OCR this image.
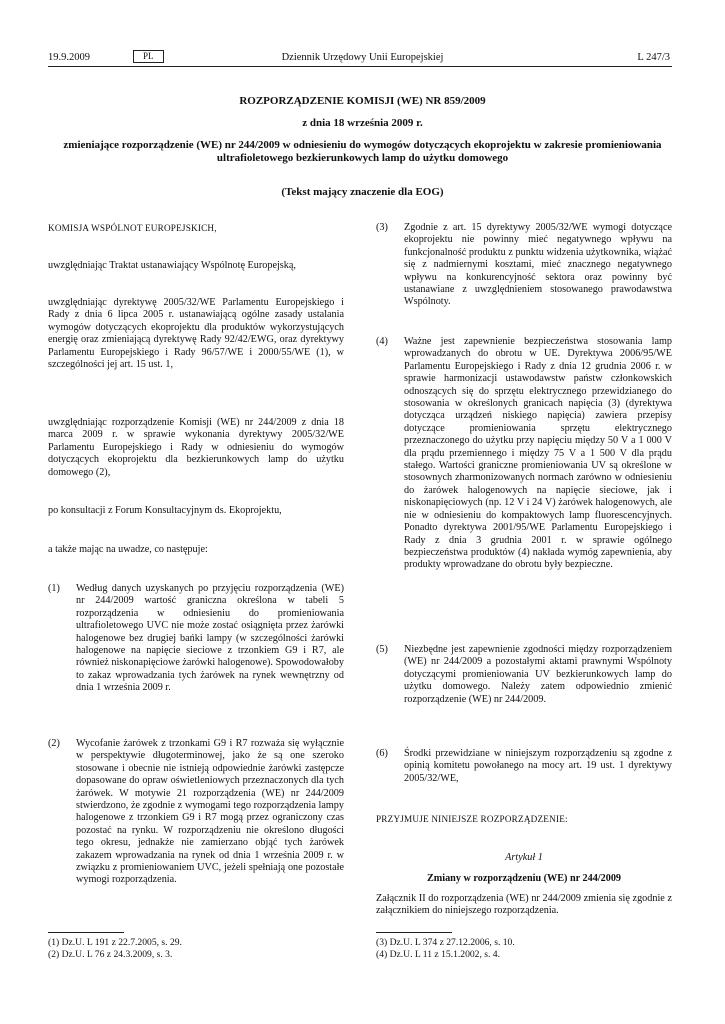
19.9.2009	PL	Dziennik Urzędowy Unii Europejskiej	L 247/3
ROZPORZĄDZENIE KOMISJI (WE) NR 859/2009
z dnia 18 września 2009 r.
zmieniające rozporządzenie (WE) nr 244/2009 w odniesieniu do wymogów dotyczących ekoprojektu w zakresie promieniowania ultrafioletowego bezkierunkowych lamp do użytku domowego
(Tekst mający znaczenie dla EOG)
KOMISJA WSPÓLNOT EUROPEJSKICH,
uwzględniając Traktat ustanawiający Wspólnotę Europejską,
uwzględniając dyrektywę 2005/32/WE Parlamentu Europejskiego i Rady z dnia 6 lipca 2005 r. ustanawiającą ogólne zasady ustalania wymogów dotyczących ekoprojektu dla produktów wykorzystujących energię oraz zmieniającą dyrektywę Rady 92/42/EWG, oraz dyrektywy Parlamentu Europejskiego i Rady 96/57/WE i 2000/55/WE (1), w szczególności jej art. 15 ust. 1,
uwzględniając rozporządzenie Komisji (WE) nr 244/2009 z dnia 18 marca 2009 r. w sprawie wykonania dyrektywy 2005/32/WE Parlamentu Europejskiego i Rady w odniesieniu do wymogów dotyczących ekoprojektu dla bezkierunkowych lamp do użytku domowego (2),
po konsultacji z Forum Konsultacyjnym ds. Ekoprojektu,
a także mając na uwadze, co następuje:
(1)	Według danych uzyskanych po przyjęciu rozporządzenia (WE) nr 244/2009 wartość graniczna określona w tabeli 5 rozporządzenia w odniesieniu do promieniowania ultrafioletowego UVC nie może zostać osiągnięta przez żarówki halogenowe bez drugiej bańki lampy (w szczególności żarówki halogenowe na napięcie sieciowe z trzonkiem G9 i R7, ale również niskonapięciowe żarówki halogenowe). Spowodowałoby to zakaz wprowadzania tych żarówek na rynek wewnętrzny od dnia 1 września 2009 r.
(2)	Wycofanie żarówek z trzonkami G9 i R7 rozważa się wyłącznie w perspektywie długoterminowej, jako że są one szeroko stosowane i obecnie nie istnieją odpowiednie żarówki zastępcze dopasowane do opraw oświetleniowych przeznaczonych dla tych żarówek. W motywie 21 rozporządzenia (WE) nr 244/2009 stwierdzono, że zgodnie z wymogami tego rozporządzenia lampy halogenowe z trzonkiem G9 i R7 mogą przez ograniczony czas pozostać na rynku. W rozporządzeniu nie określono długości tego okresu, jednakże nie zamierzano objąć tych żarówek zakazem wprowadzania na rynek od dnia 1 września 2009 r. w związku z promieniowaniem UVC, jeżeli spełniają one pozostałe wymogi rozporządzenia.
(1) Dz.U. L 191 z 22.7.2005, s. 29.
(2) Dz.U. L 76 z 24.3.2009, s. 3.
(3)	Zgodnie z art. 15 dyrektywy 2005/32/WE wymogi dotyczące ekoprojektu nie powinny mieć negatywnego wpływu na funkcjonalność produktu z punktu widzenia użytkownika, wiążać się z nadmiernymi kosztami, mieć znacznego negatywnego wpływu na konkurencyjność sektora oraz powinny być ustanawiane z uwzględnieniem stosowanego prawodawstwa Wspólnoty.
(4)	Ważne jest zapewnienie bezpieczeństwa stosowania lamp wprowadzanych do obrotu w UE. Dyrektywa 2006/95/WE Parlamentu Europejskiego i Rady z dnia 12 grudnia 2006 r. w sprawie harmonizacji ustawodawstw państw członkowskich odnoszących się do sprzętu elektrycznego przewidzianego do stosowania w określonych granicach napięcia (3) (dyrektywa dotycząca urządzeń niskiego napięcia) zawiera przepisy dotyczące promieniowania sprzętu elektrycznego przeznaczonego do użytku przy napięciu między 50 V a 1 000 V dla prądu przemiennego i między 75 V a 1 500 V dla prądu stałego. Wartości graniczne promieniowania UV są określone w stosownych zharmonizowanych normach zarówno w odniesieniu do żarówek halogenowych na napięcie sieciowe, jak i niskonapięciowych (np. 12 V i 24 V) żarówek halogenowych, ale nie w odniesieniu do kompaktowych lamp fluorescencyjnych. Ponadto dyrektywa 2001/95/WE Parlamentu Europejskiego i Rady z dnia 3 grudnia 2001 r. w sprawie ogólnego bezpieczeństwa produktów (4) nakłada wymóg zapewnienia, aby produkty wprowadzane do obrotu były bezpieczne.
(5)	Niezbędne jest zapewnienie zgodności między rozporządzeniem (WE) nr 244/2009 a pozostałymi aktami prawnymi Wspólnoty dotyczącymi promieniowania UV bezkierunkowych lamp do użytku domowego. Należy zatem odpowiednio zmienić rozporządzenie (WE) nr 244/2009.
(6)	Środki przewidziane w niniejszym rozporządzeniu są zgodne z opinią komitetu powołanego na mocy art. 19 ust. 1 dyrektywy 2005/32/WE,
PRZYJMUJE NINIEJSZE ROZPORZĄDZENIE:
Artykuł 1
Zmiany w rozporządzeniu (WE) nr 244/2009
Załącznik II do rozporządzenia (WE) nr 244/2009 zmienia się zgodnie z załącznikiem do niniejszego rozporządzenia.
(3) Dz.U. L 374 z 27.12.2006, s. 10.
(4) Dz.U. L 11 z 15.1.2002, s. 4.
